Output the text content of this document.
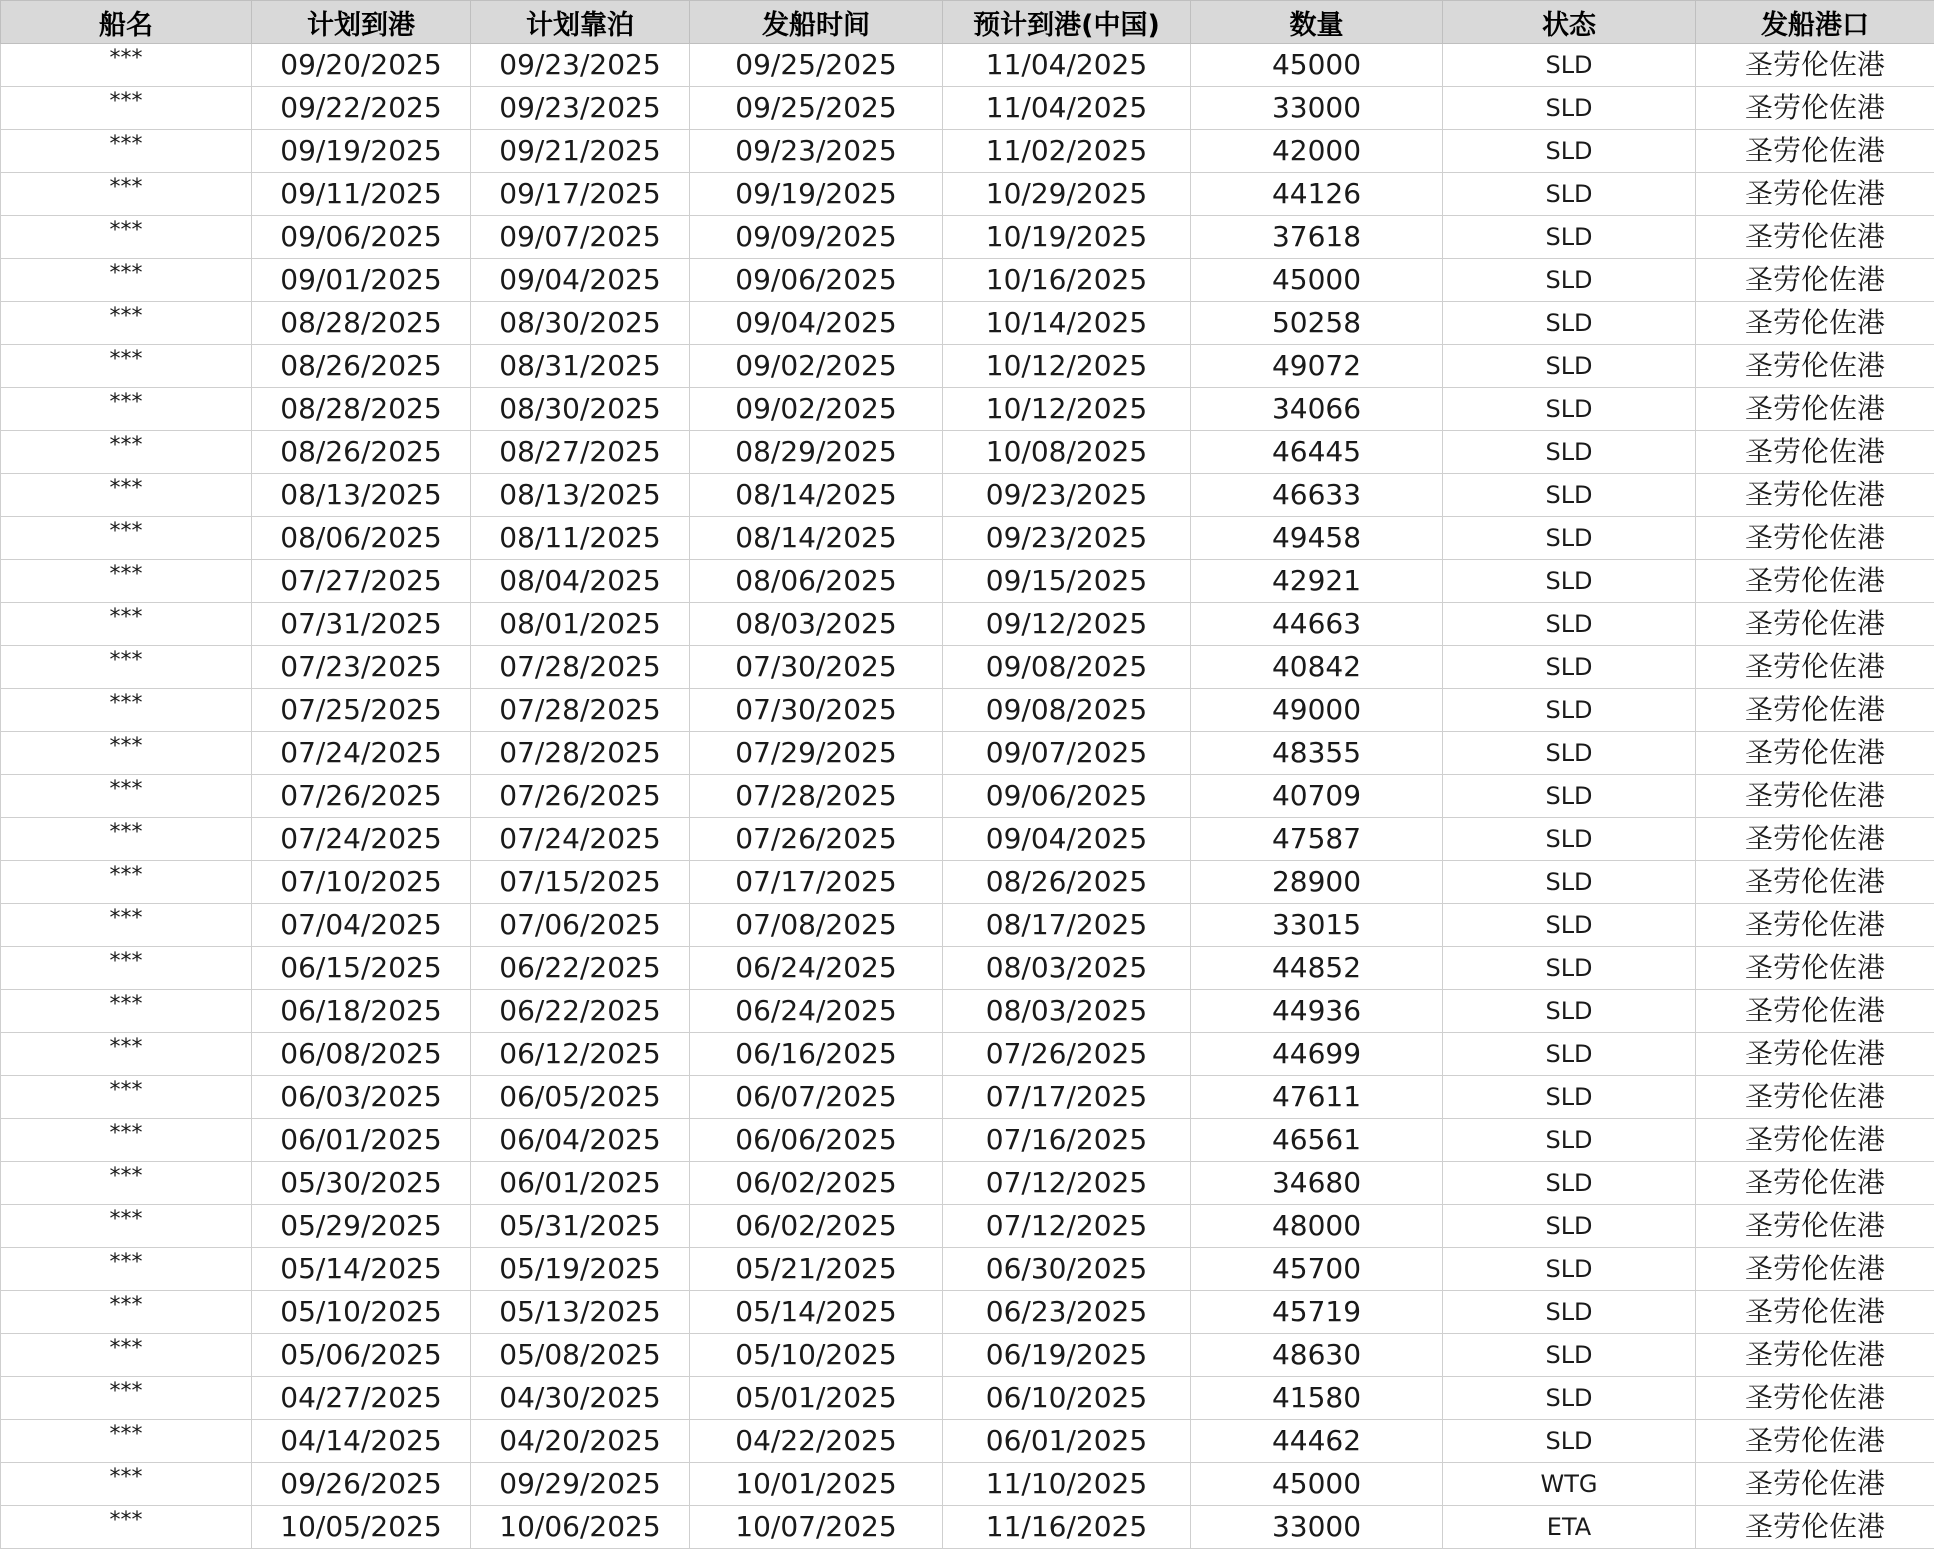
船名	计划到港	计划靠泊	发船时间	预计到港(中国)	数量	状态	发船港口
***	09/20/2025	09/23/2025	09/25/2025	11/04/2025	45000	SLD	圣劳伦佐港
***	09/22/2025	09/23/2025	09/25/2025	11/04/2025	33000	SLD	圣劳伦佐港
***	09/19/2025	09/21/2025	09/23/2025	11/02/2025	42000	SLD	圣劳伦佐港
***	09/11/2025	09/17/2025	09/19/2025	10/29/2025	44126	SLD	圣劳伦佐港
***	09/06/2025	09/07/2025	09/09/2025	10/19/2025	37618	SLD	圣劳伦佐港
***	09/01/2025	09/04/2025	09/06/2025	10/16/2025	45000	SLD	圣劳伦佐港
***	08/28/2025	08/30/2025	09/04/2025	10/14/2025	50258	SLD	圣劳伦佐港
***	08/26/2025	08/31/2025	09/02/2025	10/12/2025	49072	SLD	圣劳伦佐港
***	08/28/2025	08/30/2025	09/02/2025	10/12/2025	34066	SLD	圣劳伦佐港
***	08/26/2025	08/27/2025	08/29/2025	10/08/2025	46445	SLD	圣劳伦佐港
***	08/13/2025	08/13/2025	08/14/2025	09/23/2025	46633	SLD	圣劳伦佐港
***	08/06/2025	08/11/2025	08/14/2025	09/23/2025	49458	SLD	圣劳伦佐港
***	07/27/2025	08/04/2025	08/06/2025	09/15/2025	42921	SLD	圣劳伦佐港
***	07/31/2025	08/01/2025	08/03/2025	09/12/2025	44663	SLD	圣劳伦佐港
***	07/23/2025	07/28/2025	07/30/2025	09/08/2025	40842	SLD	圣劳伦佐港
***	07/25/2025	07/28/2025	07/30/2025	09/08/2025	49000	SLD	圣劳伦佐港
***	07/24/2025	07/28/2025	07/29/2025	09/07/2025	48355	SLD	圣劳伦佐港
***	07/26/2025	07/26/2025	07/28/2025	09/06/2025	40709	SLD	圣劳伦佐港
***	07/24/2025	07/24/2025	07/26/2025	09/04/2025	47587	SLD	圣劳伦佐港
***	07/10/2025	07/15/2025	07/17/2025	08/26/2025	28900	SLD	圣劳伦佐港
***	07/04/2025	07/06/2025	07/08/2025	08/17/2025	33015	SLD	圣劳伦佐港
***	06/15/2025	06/22/2025	06/24/2025	08/03/2025	44852	SLD	圣劳伦佐港
***	06/18/2025	06/22/2025	06/24/2025	08/03/2025	44936	SLD	圣劳伦佐港
***	06/08/2025	06/12/2025	06/16/2025	07/26/2025	44699	SLD	圣劳伦佐港
***	06/03/2025	06/05/2025	06/07/2025	07/17/2025	47611	SLD	圣劳伦佐港
***	06/01/2025	06/04/2025	06/06/2025	07/16/2025	46561	SLD	圣劳伦佐港
***	05/30/2025	06/01/2025	06/02/2025	07/12/2025	34680	SLD	圣劳伦佐港
***	05/29/2025	05/31/2025	06/02/2025	07/12/2025	48000	SLD	圣劳伦佐港
***	05/14/2025	05/19/2025	05/21/2025	06/30/2025	45700	SLD	圣劳伦佐港
***	05/10/2025	05/13/2025	05/14/2025	06/23/2025	45719	SLD	圣劳伦佐港
***	05/06/2025	05/08/2025	05/10/2025	06/19/2025	48630	SLD	圣劳伦佐港
***	04/27/2025	04/30/2025	05/01/2025	06/10/2025	41580	SLD	圣劳伦佐港
***	04/14/2025	04/20/2025	04/22/2025	06/01/2025	44462	SLD	圣劳伦佐港
***	09/26/2025	09/29/2025	10/01/2025	11/10/2025	45000	WTG	圣劳伦佐港
***	10/05/2025	10/06/2025	10/07/2025	11/16/2025	33000	ETA	圣劳伦佐港
